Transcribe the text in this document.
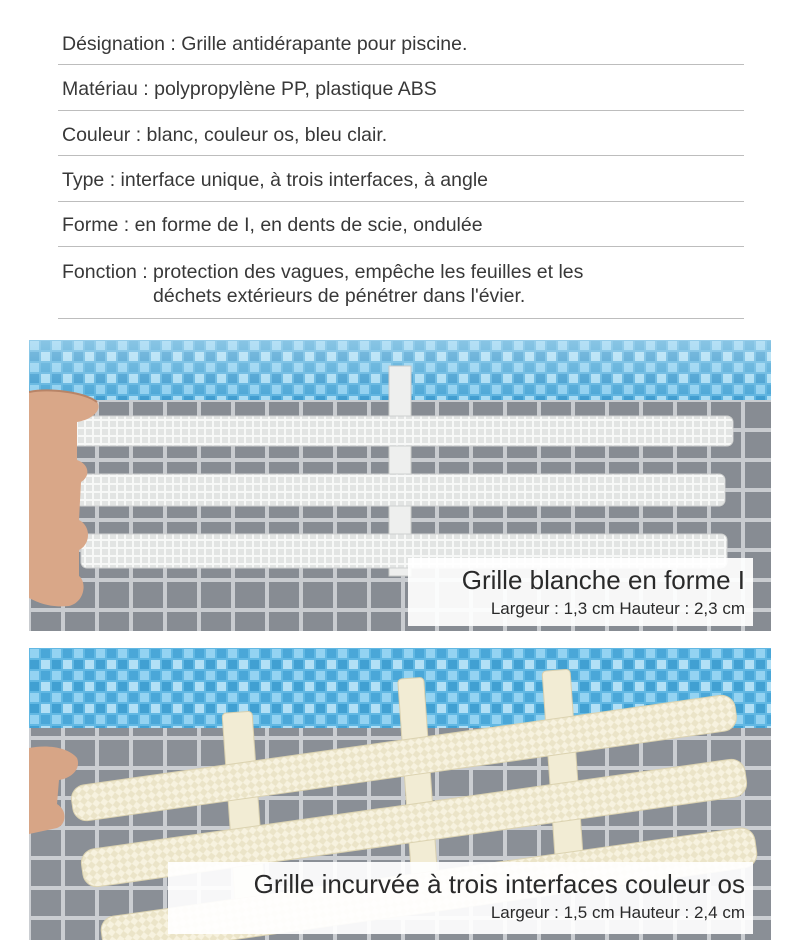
Désignation : Grille antidérapante pour piscine.
Matériau : polypropylène PP, plastique ABS
Couleur : blanc, couleur os, bleu clair.
Type : interface unique, à trois interfaces, à angle
Forme : en forme de I, en dents de scie, ondulée
Fonction : protection des vagues, empêche les feuilles et les
déchets extérieurs de pénétrer dans l'évier.
Grille blanche en forme I
Largeur : 1,3 cm Hauteur : 2,3 cm
Grille incurvée à trois interfaces couleur os
Largeur : 1,5 cm Hauteur : 2,4 cm
